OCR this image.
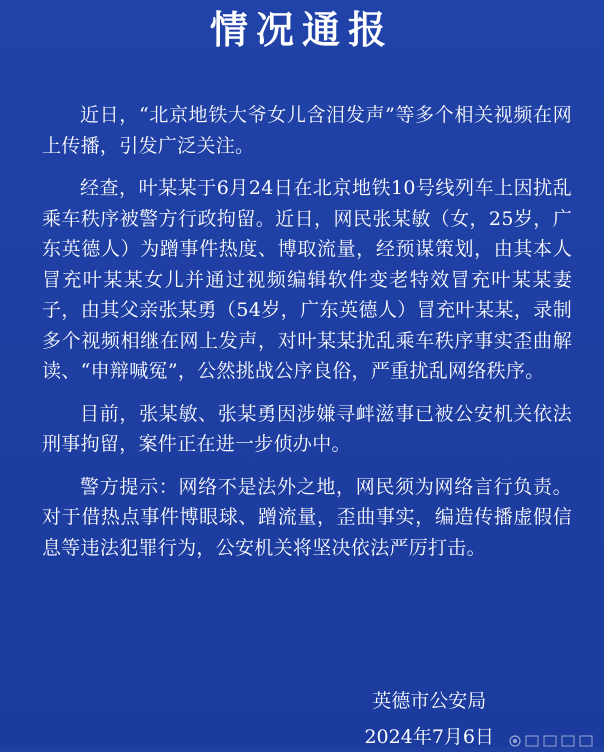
情况通报

近日，“北京地铁大爷女儿含泪发声”等多个相关视频在网上传播，引发广泛关注。

经查，叶某某于6月24日在北京地铁10号线列车上因扰乱乘车秩序被警方行政拘留。近日，网民张某敏（女，25岁，广东英德人）为蹭事件热度、博取流量，经预谋策划，由其本人冒充叶某某女儿并通过视频编辑软件变老特效冒充叶某某妻子，由其父亲张某勇（54岁，广东英德人）冒充叶某某，录制多个视频相继在网上发声，对叶某某扰乱乘车秩序事实歪曲解读、“申辩喊冤”，公然挑战公序良俗，严重扰乱网络秩序。

目前，张某敏、张某勇因涉嫌寻衅滋事已被公安机关依法刑事拘留，案件正在进一步侦办中。

警方提示：网络不是法外之地，网民须为网络言行负责。对于借热点事件博眼球、蹭流量，歪曲事实，编造传播虚假信息等违法犯罪行为，公安机关将坚决依法严厉打击。

英德市公安局
2024年7月6日
